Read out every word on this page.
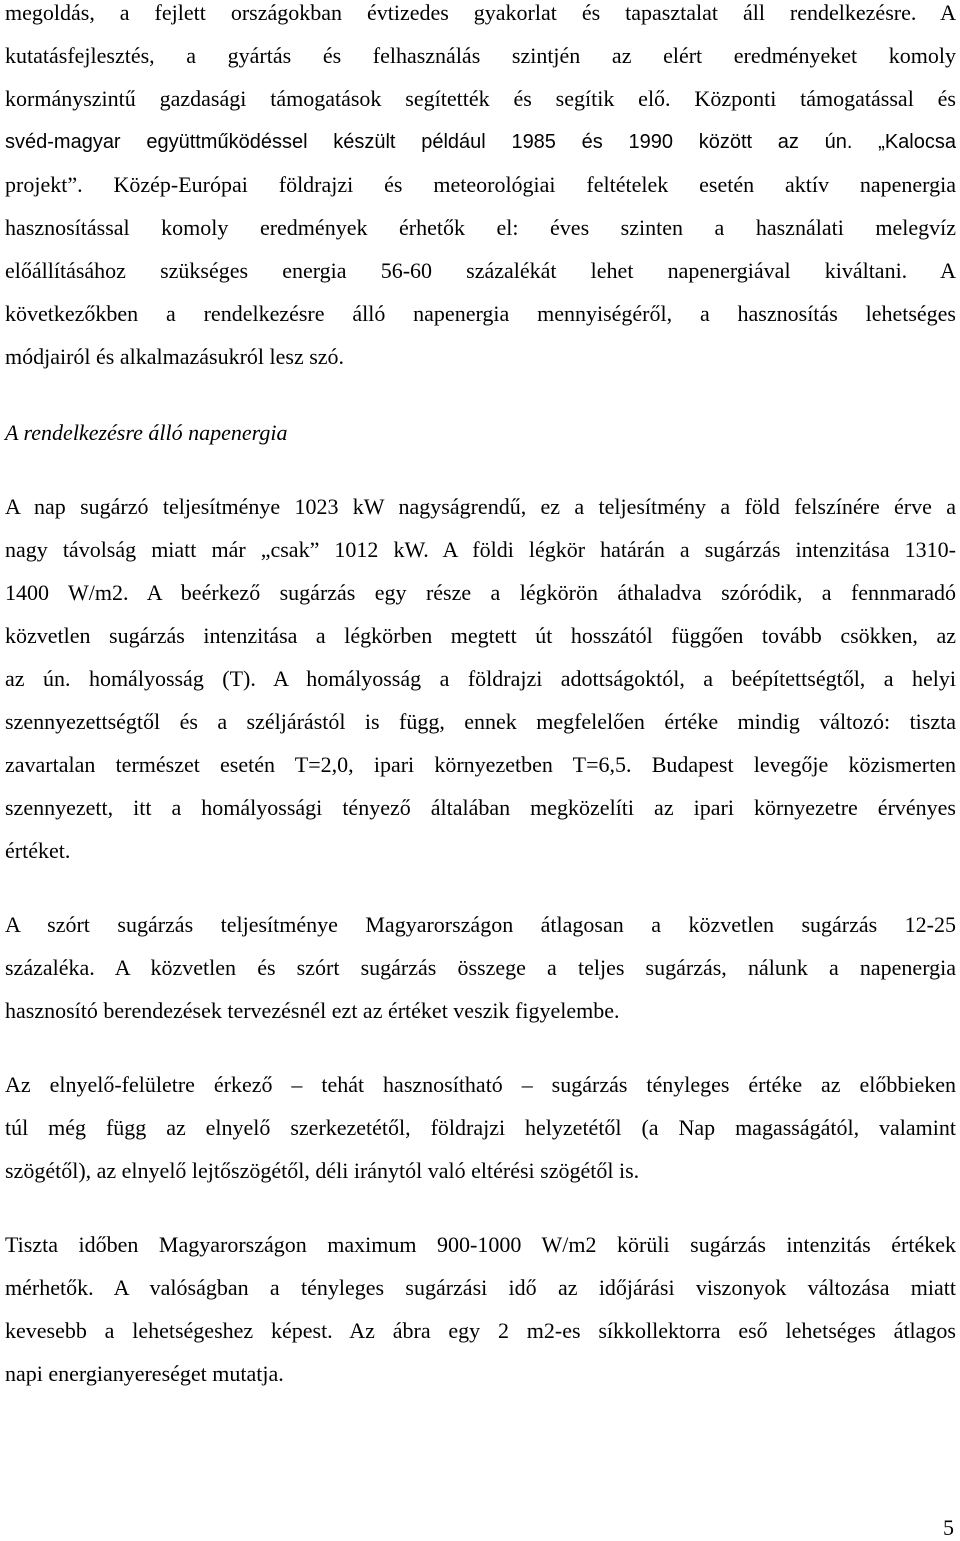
megoldás, a fejlett országokban évtizedes gyakorlat és tapasztalat áll rendelkezésre. A
kutatásfejlesztés, a gyártás és felhasználás szintjén az elért eredményeket komoly
kormányszintű gazdasági támogatások segítették és segítik elő. Központi támogatással és
svéd-magyar együttműködéssel készült például 1985 és 1990 között az ún. „Kalocsa
projekt”. Közép-Európai földrajzi és meteorológiai feltételek esetén aktív napenergia
hasznosítással komoly eredmények érhetők el: éves szinten a használati melegvíz
előállításához szükséges energia 56-60 százalékát lehet napenergiával kiváltani. A
következőkben a rendelkezésre álló napenergia mennyiségéről, a hasznosítás lehetséges
módjairól és alkalmazásukról lesz szó.
A rendelkezésre álló napenergia
A nap sugárzó teljesítménye 1023 kW nagyságrendű, ez a teljesítmény a föld felszínére érve a
nagy távolság miatt már „csak” 1012 kW. A földi légkör határán a sugárzás intenzitása 1310-
1400 W/m2. A beérkező sugárzás egy része a légkörön áthaladva szóródik, a fennmaradó
közvetlen sugárzás intenzitása a légkörben megtett út hosszától függően tovább csökken, az
az ún. homályosság (T). A homályosság a földrajzi adottságoktól, a beépítettségtől, a helyi
szennyezettségtől és a széljárástól is függ, ennek megfelelően értéke mindig változó: tiszta
zavartalan természet esetén T=2,0, ipari környezetben T=6,5. Budapest levegője közismerten
szennyezett, itt a homályossági tényező általában megközelíti az ipari környezetre érvényes
értéket.
A szórt sugárzás teljesítménye Magyarországon átlagosan a közvetlen sugárzás 12-25
százaléka. A közvetlen és szórt sugárzás összege a teljes sugárzás, nálunk a napenergia
hasznosító berendezések tervezésnél ezt az értéket veszik figyelembe.
Az elnyelő-felületre érkező – tehát hasznosítható – sugárzás tényleges értéke az előbbieken
túl még függ az elnyelő szerkezetétől, földrajzi helyzetétől (a Nap magasságától, valamint
szögétől), az elnyelő lejtőszögétől, déli iránytól való eltérési szögétől is.
Tiszta időben Magyarországon maximum 900-1000 W/m2 körüli sugárzás intenzitás értékek
mérhetők. A valóságban a tényleges sugárzási idő az időjárási viszonyok változása miatt
kevesebb a lehetségeshez képest. Az ábra egy 2 m2-es síkkollektorra eső lehetséges átlagos
napi energianyereséget mutatja.
5
